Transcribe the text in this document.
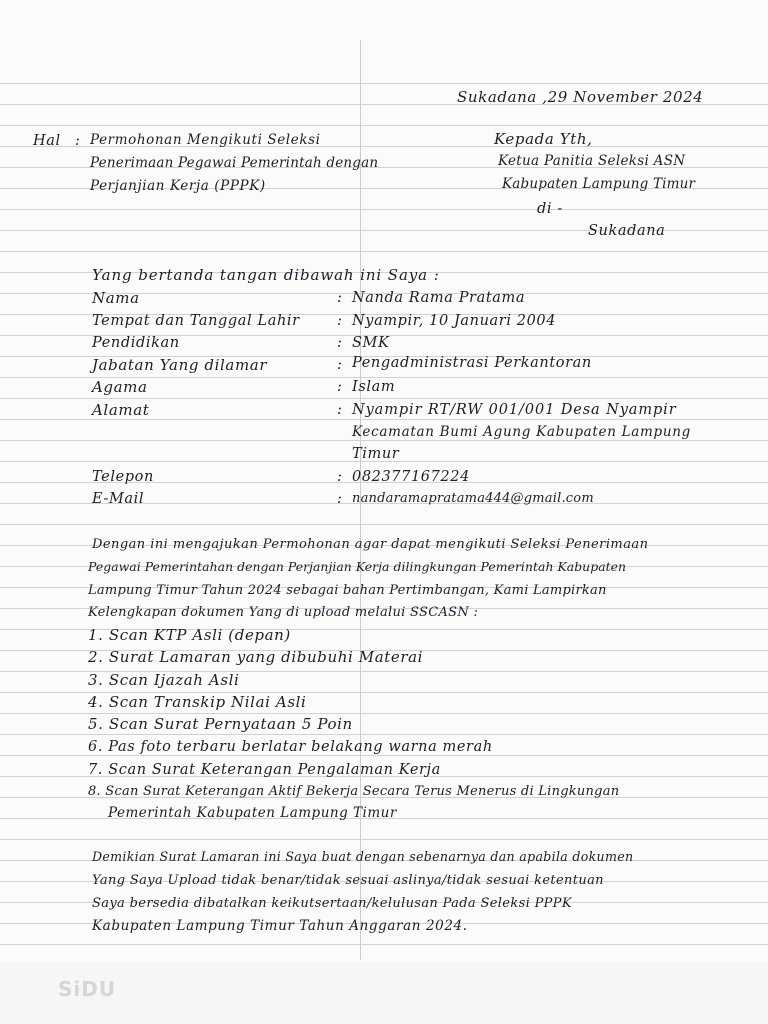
Sukadana ,29 November 2024

Hal : Permohonan Mengikuti Seleksi

Penerimaan Pegawai Pemerintah dengan

Perjanjian Kerja (PPPK)

Kepada Yth,

Ketua Panitia Seleksi ASN

Kabupaten Lampung Timur

di -

Sukadana

Yang bertanda tangan dibawah ini Saya :

Nama	: Nanda Rama Pratama

Tempat dan Tanggal Lahir	: Nyampir, 10 Januari 2004

Pendidikan	: SMK

Jabatan Yang dilamar	: Pengadministrasi Perkantoran

Agama	: Islam

Alamat	: Nyampir RT/RW 001/001 Desa Nyampir

Kecamatan Bumi Agung Kabupaten Lampung

Timur

Telepon	: 082377167224

E-Mail	: nandaramapratama444@gmail.com

Dengan ini mengajukan Permohonan agar dapat mengikuti Seleksi Penerimaan

Pegawai Pemerintahan dengan Perjanjian Kerja dilingkungan Pemerintah Kabupaten

Lampung Timur Tahun 2024 sebagai bahan Pertimbangan, Kami Lampirkan

Kelengkapan dokumen Yang di upload melalui SSCASN :

1. Scan KTP Asli (depan)

2. Surat Lamaran yang dibubuhi Materai

3. Scan Ijazah Asli

4. Scan Transkip Nilai Asli

5. Scan Surat Pernyataan 5 Poin

6. Pas foto terbaru berlatar belakang warna merah

7. Scan Surat Keterangan Pengalaman Kerja

8. Scan Surat Keterangan Aktif Bekerja Secara Terus Menerus di Lingkungan

Pemerintah Kabupaten Lampung Timur

Demikian Surat Lamaran ini Saya buat dengan sebenarnya dan apabila dokumen

Yang Saya Upload tidak benar/tidak sesuai aslinya/tidak sesuai ketentuan

Saya bersedia dibatalkan keikutsertaan/kelulusan Pada Seleksi PPPK

Kabupaten Lampung Timur Tahun Anggaran 2024.

SiDU
